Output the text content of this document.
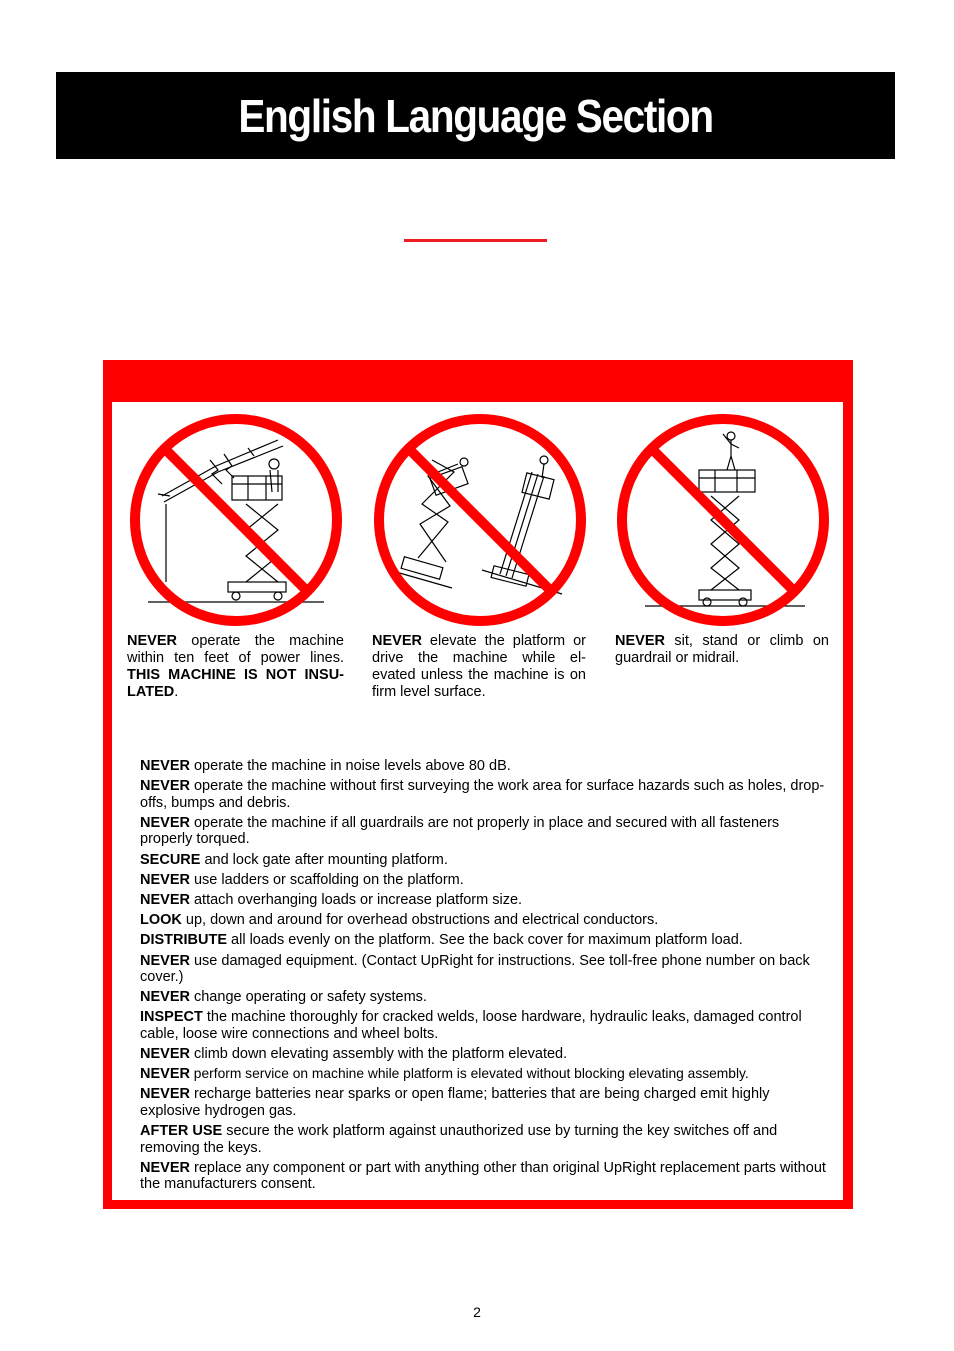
English Language Section
NEVER operate the machine within ten feet of power lines. THIS MACHINE IS NOT INSU-LATED.
NEVER elevate the platform or drive the machine while el-evated unless the machine is on firm level surface.
NEVER sit, stand or climb on guardrail or midrail.
NEVER operate the machine in noise levels above 80 dB.
NEVER operate the machine without first surveying the work area for surface hazards such as holes, drop-offs, bumps and debris.
NEVER operate the machine if all guardrails are not properly in place and secured with all fasteners properly torqued.
SECURE and lock gate after mounting platform.
NEVER use ladders or scaffolding on the platform.
NEVER attach overhanging loads or increase platform size.
LOOK up, down and around for overhead obstructions and electrical conductors.
DISTRIBUTE all loads evenly on the platform. See the back cover for maximum platform load.
NEVER use damaged equipment. (Contact UpRight for instructions. See toll-free phone number on back cover.)
NEVER change operating or safety systems.
INSPECT the machine thoroughly for cracked welds, loose hardware, hydraulic leaks, damaged control cable, loose wire connections and wheel bolts.
NEVER climb down elevating assembly with the platform elevated.
NEVER perform service on machine while platform is elevated without blocking elevating assembly.
NEVER recharge batteries near sparks or open flame; batteries that are being charged emit highly explosive hydrogen gas.
AFTER USE secure the work platform against unauthorized use by turning the key switches off and removing the keys.
NEVER replace any component or part with anything other than original UpRight replacement parts without the manufacturers consent.
2
